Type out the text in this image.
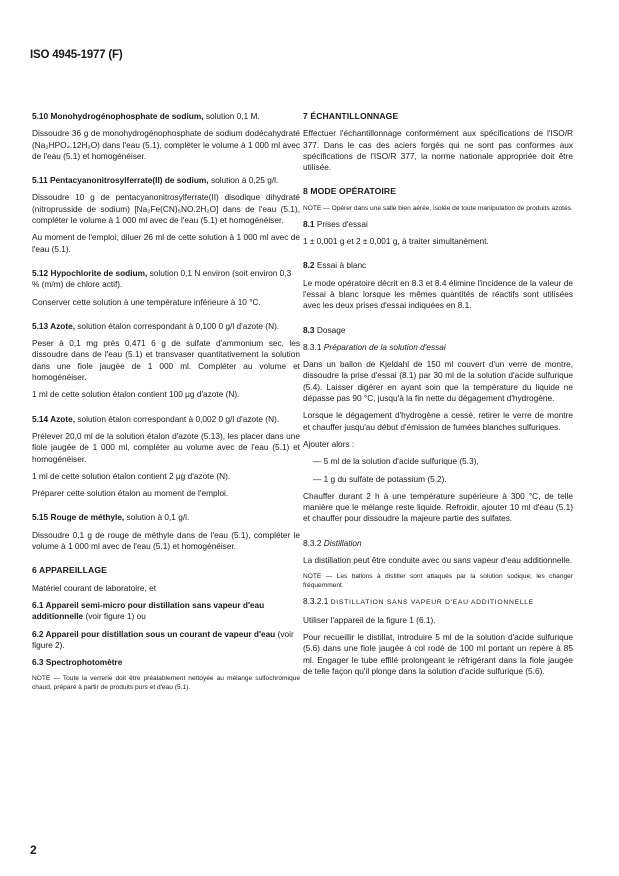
ISO 4945-1977 (F)
5.10 Monohydrogénophosphate de sodium, solution 0,1 M.

Dissoudre 36 g de monohydrogénophosphate de sodium dodécahydraté (Na₂HPO₄.12H₂O) dans l'eau (5.1), compléter le volume à 1 000 ml avec de l'eau (5.1) et homogénéiser.

5.11 Pentacyanonitrosylferrate(II) de sodium, solution à 0,25 g/l.

Dissoudre 10 g de pentacyanonitrosylferrate(II) disodique dihydraté (nitroprusside de sodium) [Na₂Fe(CN)₅NO.2H₂O] dans de l'eau (5.1), compléter le volume à 1 000 ml avec de l'eau (5.1) et homogénéiser.

Au moment de l'emploi, diluer 26 ml de cette solution à 1 000 ml avec de l'eau (5.1).

5.12 Hypochlorite de sodium, solution 0,1 N environ (soit environ 0,3 % (m/m) de chlore actif).

Conserver cette solution à une température inférieure à 10 °C.

5.13 Azote, solution étalon correspondant à 0,100 0 g/l d'azote (N).

Peser à 0,1 mg près 0,471 6 g de sulfate d'ammonium sec, les dissoudre dans de l'eau (5.1) et transvaser quantitativement la solution dans une fiole jaugée de 1 000 ml. Compléter au volume et homogénéiser.

1 ml de cette solution étalon contient 100 μg d'azote (N).

5.14 Azote, solution étalon correspondant à 0,002 0 g/l d'azote (N).

Prélever 20,0 ml de la solution étalon d'azote (5.13), les placer dans une fiole jaugée de 1 000 ml, compléter au volume avec de l'eau (5.1) et homogénéiser.

1 ml de cette solution étalon contient 2 μg d'azote (N).

Préparer cette solution étalon au moment de l'emploi.

5.15 Rouge de méthyle, solution à 0,1 g/l.

Dissoudre 0,1 g de rouge de méthyle dans de l'eau (5.1), compléter le volume à 1 000 ml avec de l'eau (5.1) et homogénéiser.

6 APPAREILLAGE

Matériel courant de laboratoire, et

6.1 Appareil semi-micro pour distillation sans vapeur d'eau additionnelle (voir figure 1) ou
6.2 Appareil pour distillation sous un courant de vapeur d'eau (voir figure 2).
6.3 Spectrophotomètre

NOTE — Toute la verrerie doit être préalablement nettoyée au mélange sulfochromique chaud, préparé à partir de produits purs et d'eau (5.1).

7 ÉCHANTILLONNAGE

Effectuer l'échantillonnage conformément aux spécifications de l'ISO/R 377. Dans le cas des aciers forgés qui ne sont pas conformes aux spécifications de l'ISO/R 377, la norme nationale appropriée doit être utilisée.

8 MODE OPÉRATOIRE

NOTE — Opérer dans une salle bien aérée, isolée de toute manipulation de produits azotés.

8.1 Prises d'essai

1 ± 0,001 g et 2 ± 0,001 g, à traiter simultanément.

8.2 Essai à blanc

Le mode opératoire décrit en 8.3 et 8.4 élimine l'incidence de la valeur de l'essai à blanc lorsque les mêmes quantités de réactifs sont utilisées avec les deux prises d'essai indiquées en 8.1.

8.3 Dosage
8.3.1 Préparation de la solution d'essai

Dans un ballon de Kjeldahl de 150 ml couvert d'un verre de montre, dissoudre la prise d'essai (8.1) par 30 ml de la solution d'acide sulfurique (5.4). Laisser digérer en ayant soin que la température du liquide ne dépasse pas 90 °C, jusqu'à la fin nette du dégagement d'hydrogène.

Lorsque le dégagement d'hydrogène a cessé, retirer le verre de montre et chauffer jusqu'au début d'émission de fumées blanches sulfuriques.

Ajouter alors :

— 5 ml de la solution d'acide sulfurique (5.3),

— 1 g du sulfate de potassium (5.2).

Chauffer durant 2 h à une température supérieure à 300 °C, de telle manière que le mélange reste liquide. Refroidir, ajouter 10 ml d'eau (5.1) et chauffer pour dissoudre la majeure partie des sulfates.

8.3.2 Distillation

La distillation peut être conduite avec ou sans vapeur d'eau additionnelle.

NOTE — Les ballons à distiller sont attaqués par la solution sodique; les changer fréquemment.

8.3.2.1 DISTILLATION SANS VAPEUR D'EAU ADDITIONNELLE

Utiliser l'appareil de la figure 1 (6.1).

Pour recueillir le distillat, introduire 5 ml de la solution d'acide sulfurique (5.6) dans une fiole jaugée à col rodé de 100 ml portant un repère à 85 ml. Engager le tube effilé prolongeant le réfrigérant dans la fiole jaugée de telle façon qu'il plonge dans la solution d'acide sulfurique (5.6).

2
